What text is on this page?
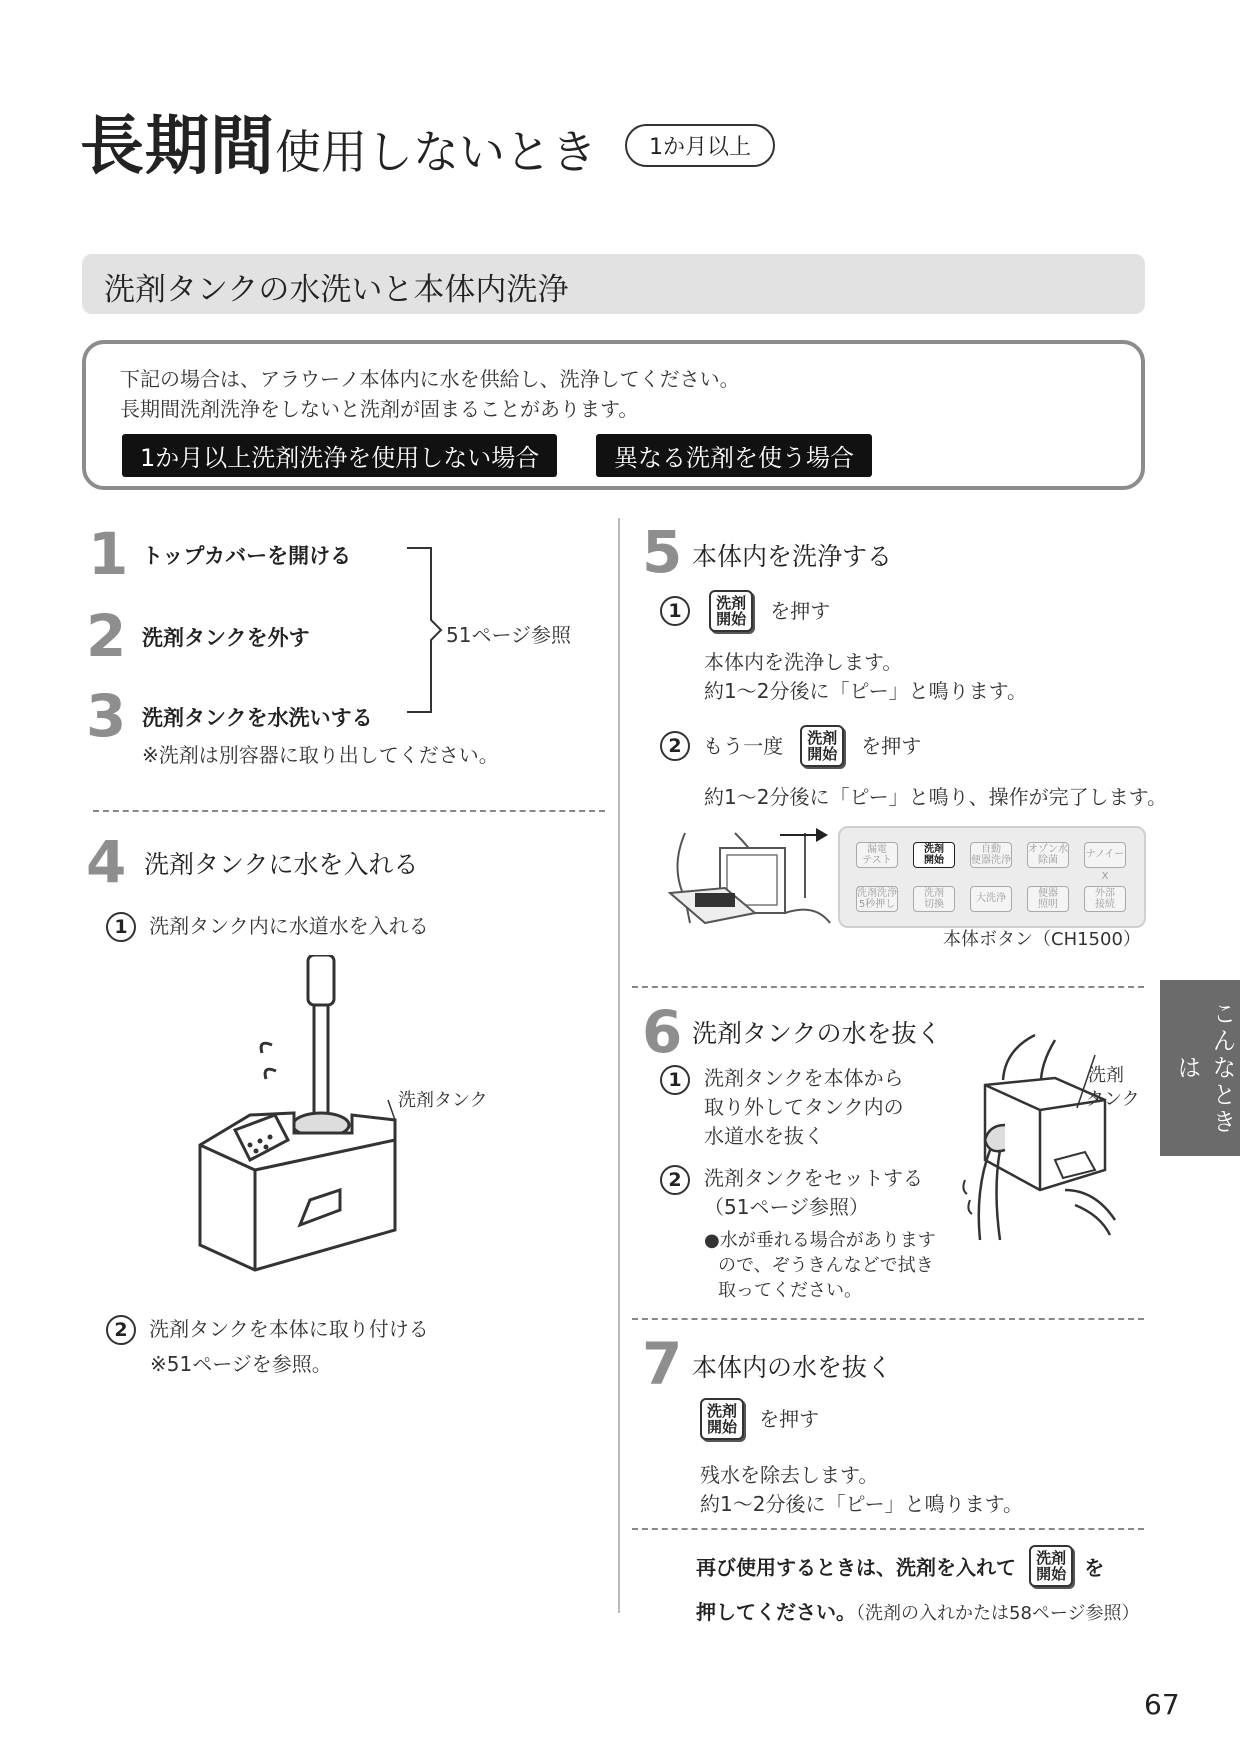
長期間使用しないとき	1か月以上
洗剤タンクの水洗いと本体内洗浄
下記の場合は、アラウーノ本体内に水を供給し、洗浄してください。
長期間洗剤洗浄をしないと洗剤が固まることがあります。
1か月以上洗剤洗浄を使用しない場合	異なる洗剤を使う場合
1 トップカバーを開ける
2 洗剤タンクを外す
3 洗剤タンクを水洗いする
※洗剤は別容器に取り出してください。
51ページ参照
4 洗剤タンクに水を入れる
1 洗剤タンク内に水道水を入れる
洗剤タンク
2 洗剤タンクを本体に取り付ける
※51ページを参照。
5 本体内を洗浄する
1 洗剤
開始 を押す
本体内を洗浄します。
約1～2分後に「ピー」と鳴ります。
2 もう一度 洗剤
開始 を押す
約1～2分後に「ピー」と鳴り、操作が完了します。
漏電
テスト
洗剤
開始
自動
便器洗浄
オゾン水
除菌
ナノイーX
洗剤洗浄
5秒押し
洗剤
切換
大洗浄	便器
照明
外部
接続
本体ボタン（CH1500）
6 洗剤タンクの水を抜く
1	洗剤タンクを本体から
取り外してタンク内の
水道水を抜く
2	洗剤タンクをセットする
（51ページ参照）
●水が垂れる場合があります
ので、ぞうきんなどで拭き
取ってください。
洗剤
タンク
7 本体内の水を抜く
洗剤
開始 を押す
残水を除去します。
約1～2分後に「ピー」と鳴ります。
再び使用するときは、洗剤を入れて 洗剤
開始 を
押してください。（洗剤の入れかたは58ページ参照）
こんなときは
67
